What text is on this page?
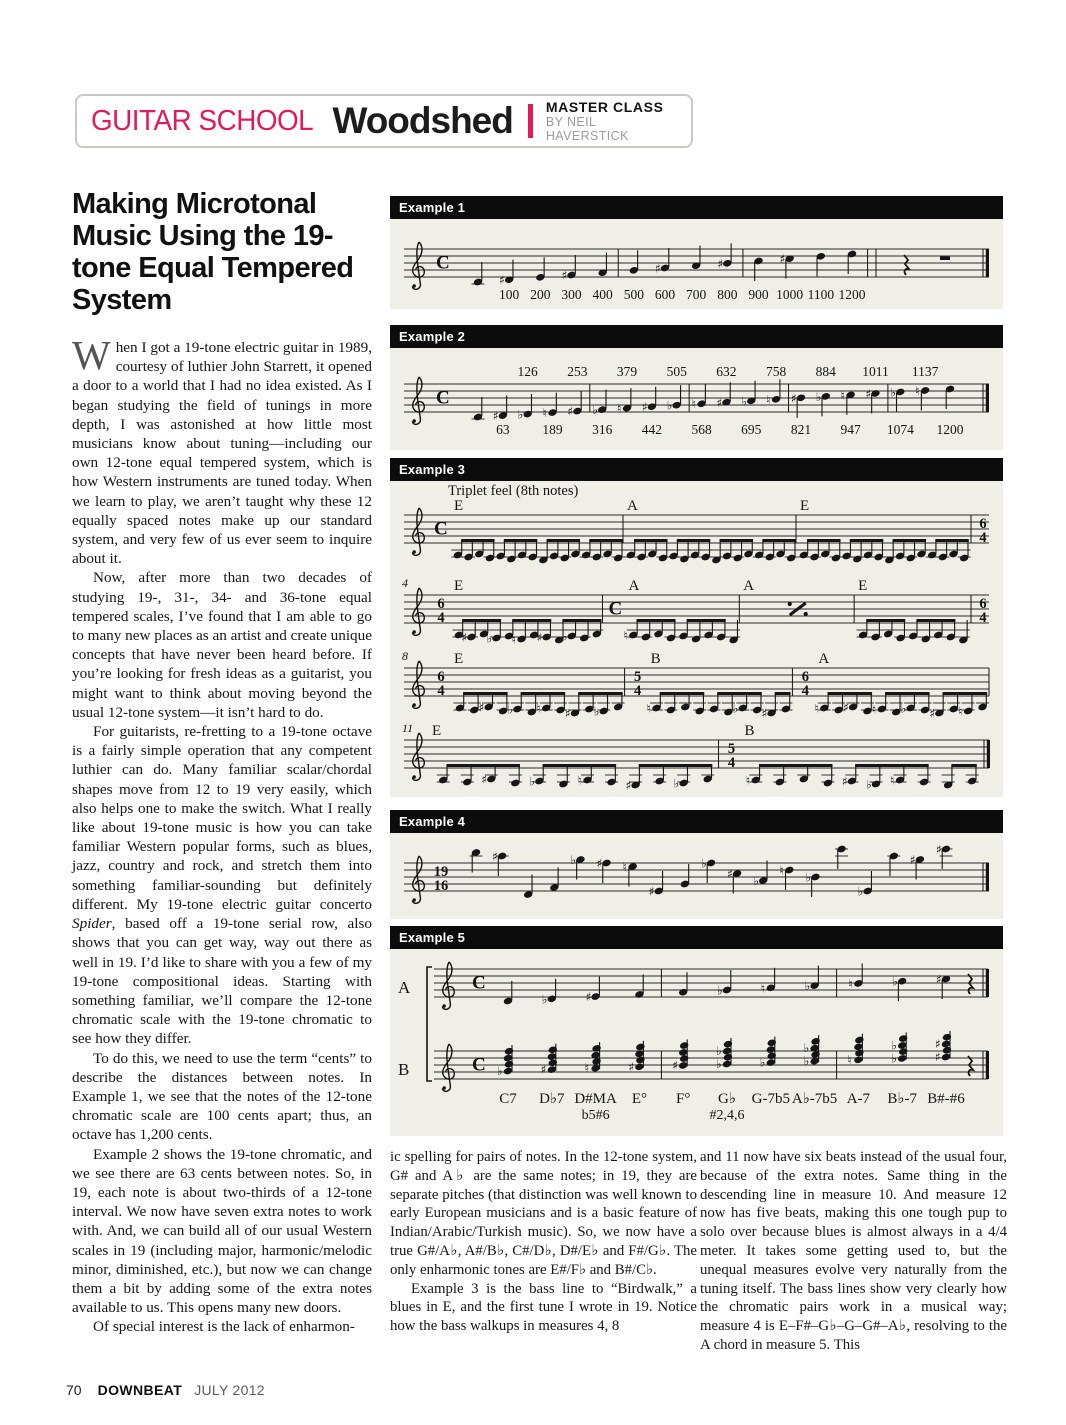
GUITAR SCHOOL Woodshed MASTER CLASS
BY NEIL HAVERSTICK
Making Microtonal Music Using the 19-tone Equal Tempered System

When I got a 19-tone electric guitar in 1989, courtesy of luthier John Starrett, it opened a door to a world that I had no idea existed. As I began studying the field of tunings in more depth, I was astonished at how little most musicians know about tuning—including our own 12-tone equal tempered system, which is how Western instruments are tuned today. When we learn to play, we aren’t taught why these 12 equally spaced notes make up our standard system, and very few of us ever seem to inquire about it.

Now, after more than two decades of studying 19-, 31-, 34- and 36-tone equal tempered scales, I’ve found that I am able to go to many new places as an artist and create unique concepts that have never been heard before. If you’re looking for fresh ideas as a guitarist, you might want to think about moving beyond the usual 12-tone system—it isn’t hard to do.

For guitarists, re-fretting to a 19-tone octave is a fairly simple operation that any competent luthier can do. Many familiar scalar/chordal shapes move from 12 to 19 very easily, which also helps one to make the switch. What I really like about 19-tone music is how you can take familiar Western popular forms, such as blues, jazz, country and rock, and stretch them into something familiar-sounding but definitely different. My 19-tone electric guitar concerto Spider, based off a 19-tone serial row, also shows that you can get way, way out there as well in 19. I’d like to share with you a few of my 19-tone compositional ideas. Starting with something familiar, we’ll compare the 12-tone chromatic scale with the 19-tone chromatic to see how they differ.

To do this, we need to use the term “cents” to describe the distances between notes. In Example 1, we see that the notes of the 12-tone chromatic scale are 100 cents apart; thus, an octave has 1,200 cents.

Example 2 shows the 19-tone chromatic, and we see there are 63 cents between notes. So, in 19, each note is about two-thirds of a 12-tone interval. We now have seven extra notes to work with. And, we can build all of our usual Western scales in 19 (including major, harmonic/melodic minor, diminished, etc.), but now we can change them a bit by adding some of the extra notes available to us. This opens many new doors.

Of special interest is the lack of enharmon-

Example 1
C
♯
100 200
♯
300 400 500
♯
600 700
♯
800 900
♯
1000 1100 1200
Example 2
C
♯
63
♭
126
♮
189
♯
253
♭
316
♮
379
♯
442
♭
505
♮
568
♯
632
♭
695
♮
758
♯
821
♭
884
♮
947
♯
1011
♭
1074
♮
1137
1200
Example 3
Triplet feel (8th notes)
C
E	A	E
6
4
4
6
4
E
♯ ♭ ♮ ♯ ♭
C
A
♮
A	E
6
4
8
6
4
E
♯ ♭ ♮ ♯ ♭
5
4
B
♮	♭ ♯
6
4
A
♮ ♯ ♮ ♭ ♯ ♮
11 E
♯	♭	♮	♯	♭
5
4
B
♮	♯ ♭ ♮
Example 4
19
16
♯	♭ ♯ ♮
♯
♭
♯ ♭
♮ ♭
♭
♯
♯
Example 5
A
B
C
C ♭
C7
♭
♯
D♭7
♯
♮
D#MA
b5#6
♯
E°
♯
F°
♭
♭
♭
G♭
#2,4,6
♮
♭
G-7b5
♭
♭
♭
A♭-7b5
♮
♮
A-7
♭
♭
♭
B♭-7
♯
♯
♯
B#-#6

ic spelling for pairs of notes. In the 12-tone system, G# and A♭ are the same notes; in 19, they are separate pitches (that distinction was well known to early European musicians and is a basic feature of Indian/Arabic/Turkish music). So, we now have a true G#/A♭, A#/B♭, C#/D♭, D#/E♭ and F#/G♭. The only enharmonic tones are E#/F♭ and B#/C♭.

Example 3 is the bass line to “Birdwalk,” a blues in E, and the first tune I wrote in 19. Notice how the bass walkups in measures 4, 8

and 11 now have six beats instead of the usual four, because of the extra notes. Same thing in the descending line in measure 10. And measure 12 now has five beats, making this one tough pup to solo over because blues is almost always in a 4/4 meter. It takes some getting used to, but the unequal measures evolve very naturally from the tuning itself. The bass lines show very clearly how the chromatic pairs work in a musical way; measure 4 is E–F#–G♭–G–G#–A♭, resolving to the A chord in measure 5. This

70 DOWNBEAT JULY 2012
